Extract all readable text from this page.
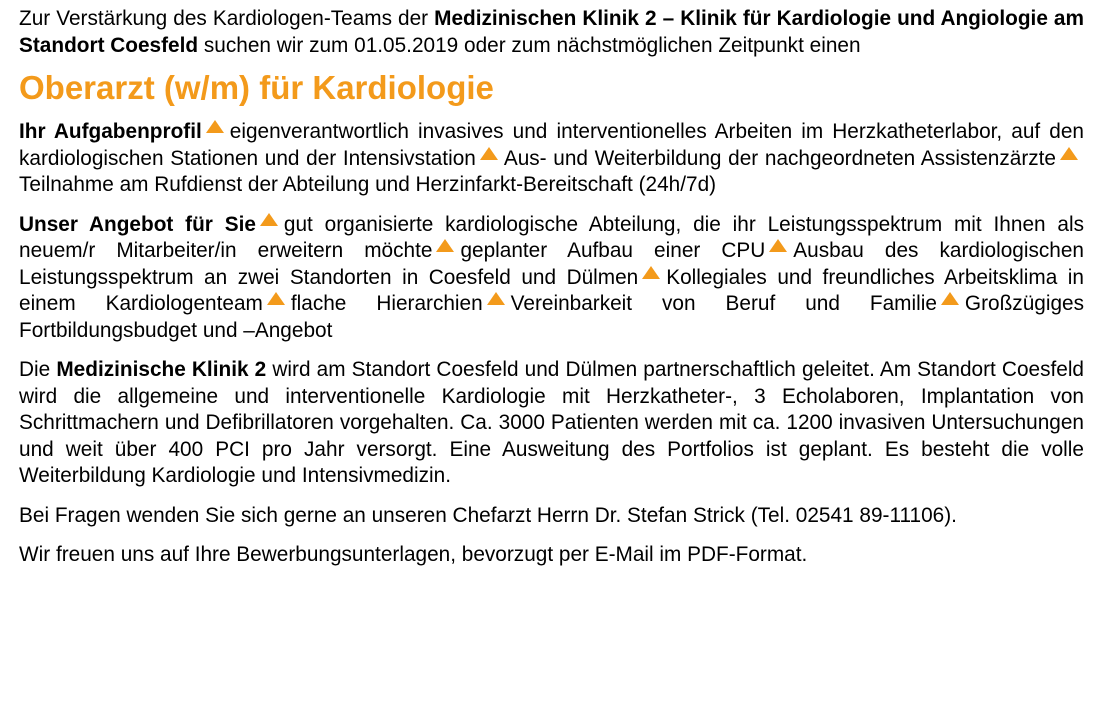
Zur Verstärkung des Kardiologen-Teams der Medizinischen Klinik 2 – Klinik für Kardiologie und Angiologie am Standort Coesfeld suchen wir zum 01.05.2019 oder zum nächstmöglichen Zeitpunkt einen

Oberarzt (w/m) für Kardiologie

Ihr Aufgabenprofil eigenverantwortlich invasives und interventionelles Arbeiten im Herzkatheterlabor, auf den kardiologischen Stationen und der Intensivstation Aus- und Weiterbildung der nachgeordneten AssistenzärzteTeilnahme am Rufdienst der Abteilung und Herzinfarkt-Bereitschaft (24h/7d)

Unser Angebot für Sie gut organisierte kardiologische Abteilung, die ihr Leistungsspektrum mit Ihnen als neuem/r Mitarbeiter/in erweitern möchte geplanter Aufbau einer CPU Ausbau des kardiologischen Leistungsspektrum an zwei Standorten in Coesfeld und Dülmen Kollegiales und freundliches Arbeitsklima in einem Kardiologenteam flache Hierarchien Vereinbarkeit von Beruf und Familie Großzügiges Fortbildungsbudget und –Angebot

Die Medizinische Klinik 2 wird am Standort Coesfeld und Dülmen partnerschaftlich geleitet. Am Standort Coesfeld wird die allgemeine und interventionelle Kardiologie mit Herzkatheter-, 3 Echolaboren, Implantation von Schrittmachern und Defibrillatoren vorgehalten. Ca. 3000 Patienten werden mit ca. 1200 invasiven Untersuchungen und weit über 400 PCI pro Jahr versorgt. Eine Ausweitung des Portfolios ist geplant. Es besteht die volle Weiterbildung Kardiologie und Intensivmedizin.

Bei Fragen wenden Sie sich gerne an unseren Chefarzt Herrn Dr. Stefan Strick (Tel. 02541 89-11106).

Wir freuen uns auf Ihre Bewerbungsunterlagen, bevorzugt per E-Mail im PDF-Format.
